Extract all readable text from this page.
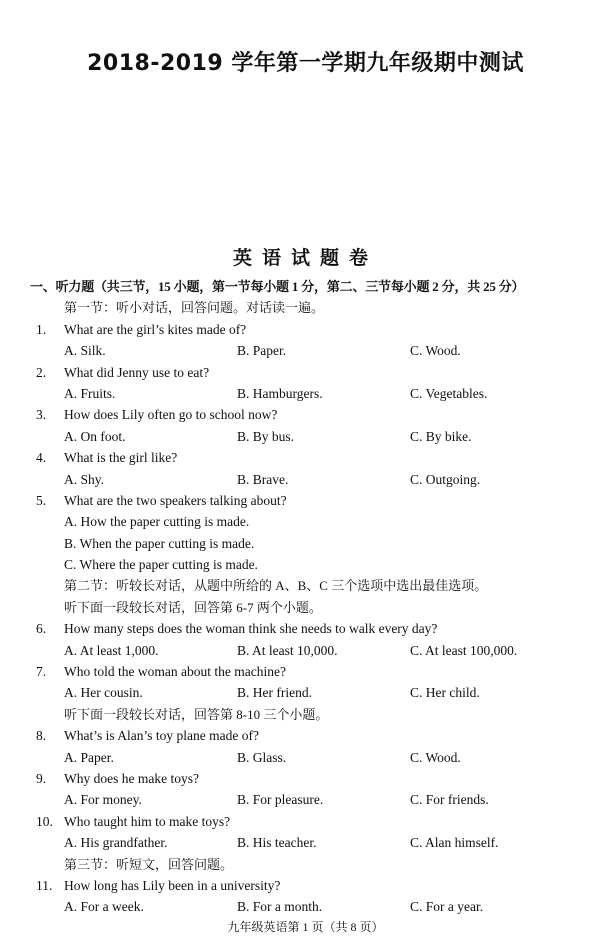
2018-2019 学年第一学期九年级期中测试
英语试题卷
一、听力题（共三节，15 小题，第一节每小题 1 分，第二、三节每小题 2 分，共 25 分）
第一节：听小对话，回答问题。对话读一遍。
1. What are the girl’s kites made of?
A. Silk.	B. Paper.	C. Wood.
2. What did Jenny use to eat?
A. Fruits.	B. Hamburgers.	C. Vegetables.
3. How does Lily often go to school now?
A. On foot.	B. By bus.	C. By bike.
4. What is the girl like?
A. Shy.	B. Brave.	C. Outgoing.
5. What are the two speakers talking about?
A. How the paper cutting is made.
B. When the paper cutting is made.
C. Where the paper cutting is made.
第二节：听较长对话，从题中所给的 A、B、C 三个选项中选出最佳选项。
听下面一段较长对话，回答第 6-7 两个小题。
6. How many steps does the woman think she needs to walk every day?
A. At least 1,000.	B. At least 10,000.	C. At least 100,000.
7. Who told the woman about the machine?
A. Her cousin.	B. Her friend.	C. Her child.
听下面一段较长对话，回答第 8-10 三个小题。
8. What’s is Alan’s toy plane made of?
A. Paper.	B. Glass.	C. Wood.
9. Why does he make toys?
A. For money.	B. For pleasure.	C. For friends.
10. Who taught him to make toys?
A. His grandfather.	B. His teacher.	C. Alan himself.
第三节：听短文，回答问题。
11. How long has Lily been in a university?
A. For a week.	B. For a month.	C. For a year.
九年级英语第 1 页（共 8 页）
